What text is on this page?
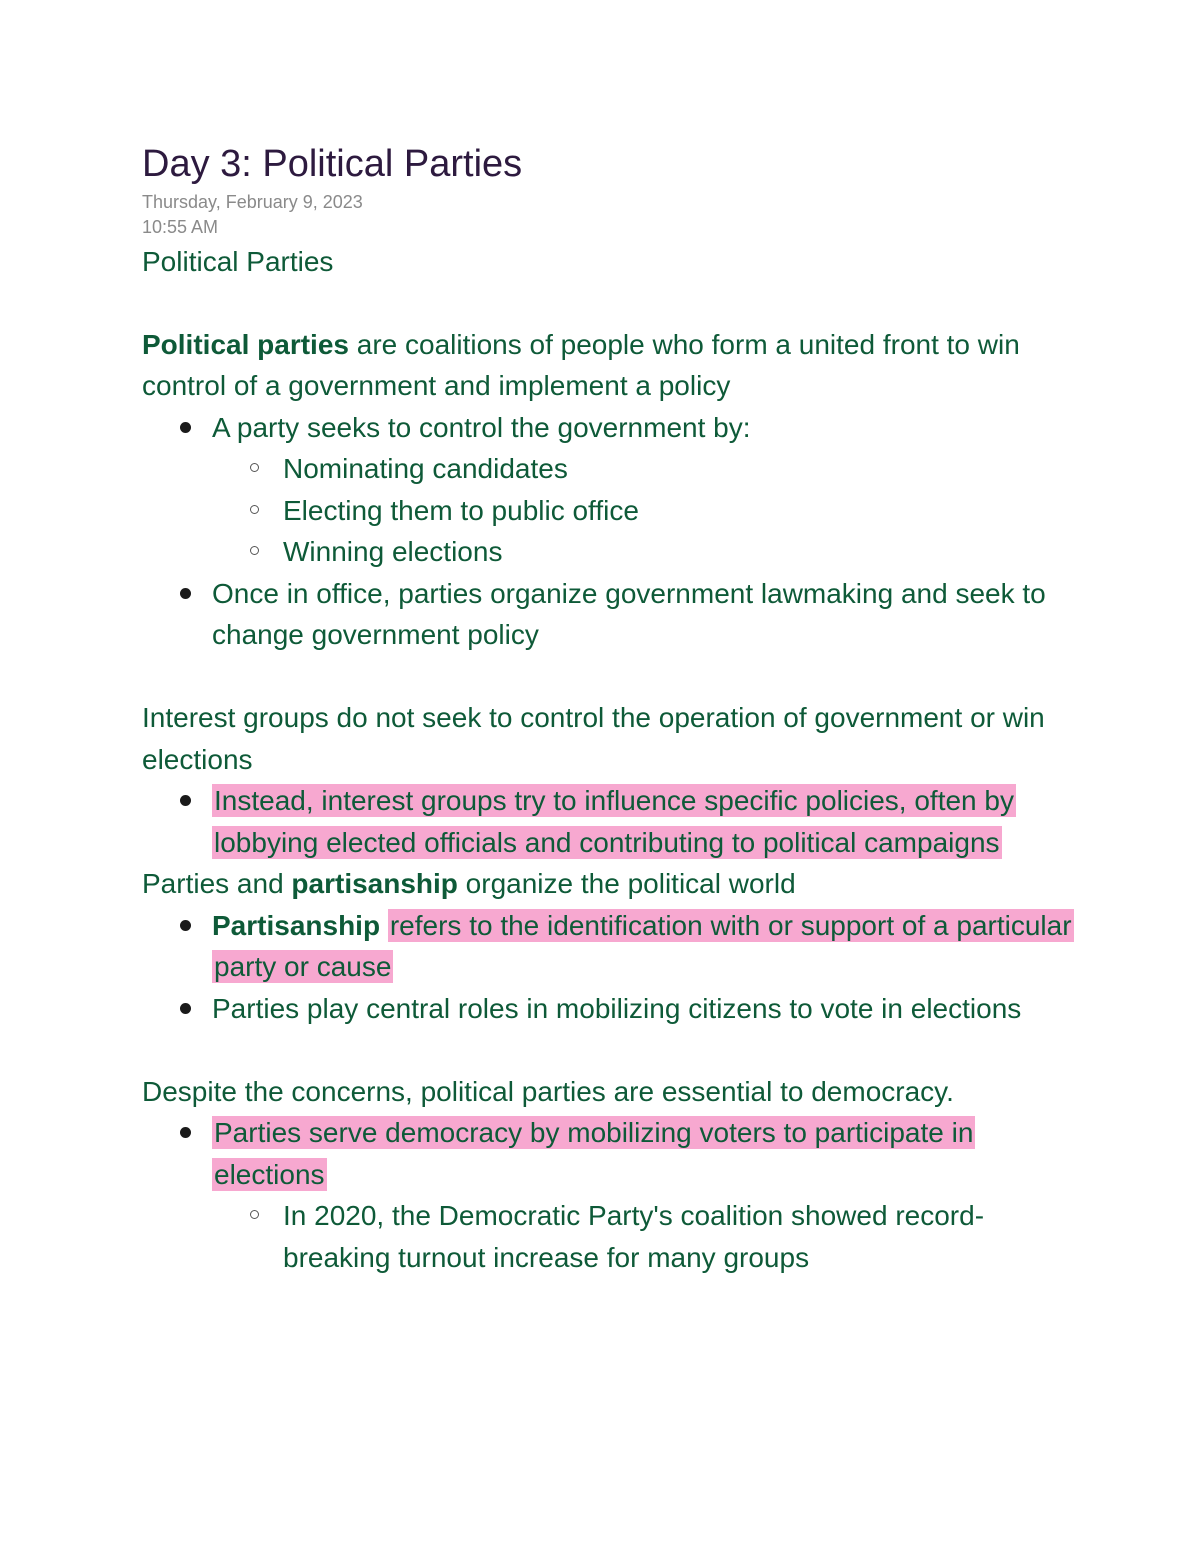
Day 3: Political Parties
Thursday, February 9, 2023
10:55 AM
Political Parties

Political parties are coalitions of people who form a united front to win control of a government and implement a policy

A party seeks to control the government by:
Nominating candidates
Electing them to public office
Winning elections
Once in office, parties organize government lawmaking and seek to change government policy

Interest groups do not seek to control the operation of government or win elections

Instead, interest groups try to influence specific policies, often by lobbying elected officials and contributing to political campaigns

Parties and partisanship organize the political world

Partisanship refers to the identification with or support of a particular party or cause
Parties play central roles in mobilizing citizens to vote in elections

Despite the concerns, political parties are essential to democracy.

Parties serve democracy by mobilizing voters to participate in elections
In 2020, the Democratic Party's coalition showed record-breaking turnout increase for many groups
